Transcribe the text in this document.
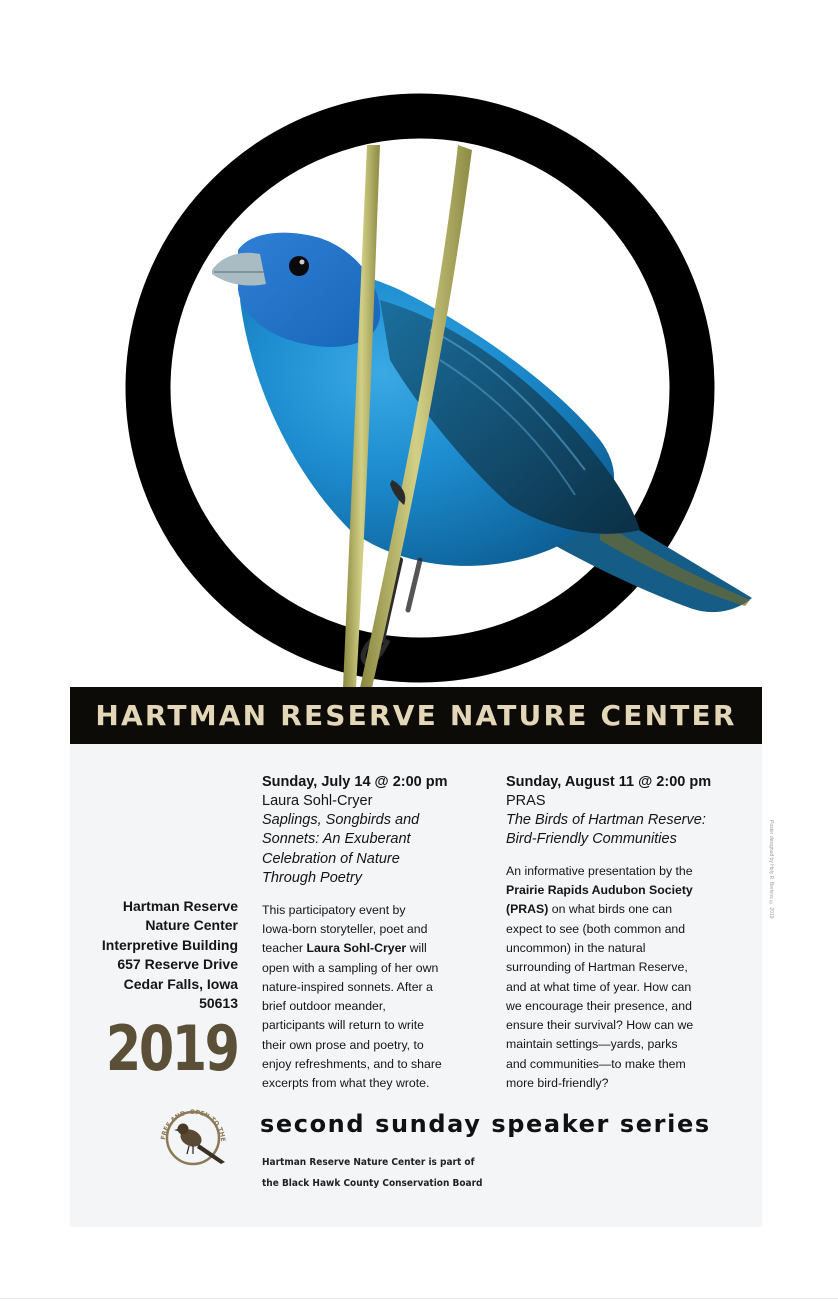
HARTMAN RESERVE NATURE CENTER
Hartman Reserve
Nature Center
Interpretive Building
657 Reserve Drive
Cedar Falls, Iowa
50613
2019
Sunday, July 14 @ 2:00 pm
Laura Sohl-Cryer
Saplings, Songbirds and
Sonnets: An Exuberant
Celebration of Nature
Through Poetry
This participatory event by
Iowa-born storyteller, poet and
teacher Laura Sohl-Cryer will
open with a sampling of her own
nature-inspired sonnets. After a
brief outdoor meander,
participants will return to write
their own prose and poetry, to
enjoy refreshments, and to share
excerpts from what they wrote.
Sunday, August 11 @ 2:00 pm
PRAS
The Birds of Hartman Reserve:
Bird-Friendly Communities
An informative presentation by the
Prairie Rapids Audubon Society
(PRAS) on what birds one can
expect to see (both common and
uncommon) in the natural
surrounding of Hartman Reserve,
and at what time of year. How can
we encourage their presence, and
ensure their survival? How can we
maintain settings—yards, parks
and communities—to make them
more bird-friendly?
FREE AND OPEN TO THE
second sunday speaker series
Hartman Reserve Nature Center is part of
the Black Hawk County Conservation Board
Poster designed by Holy R. Berkins © 2019
